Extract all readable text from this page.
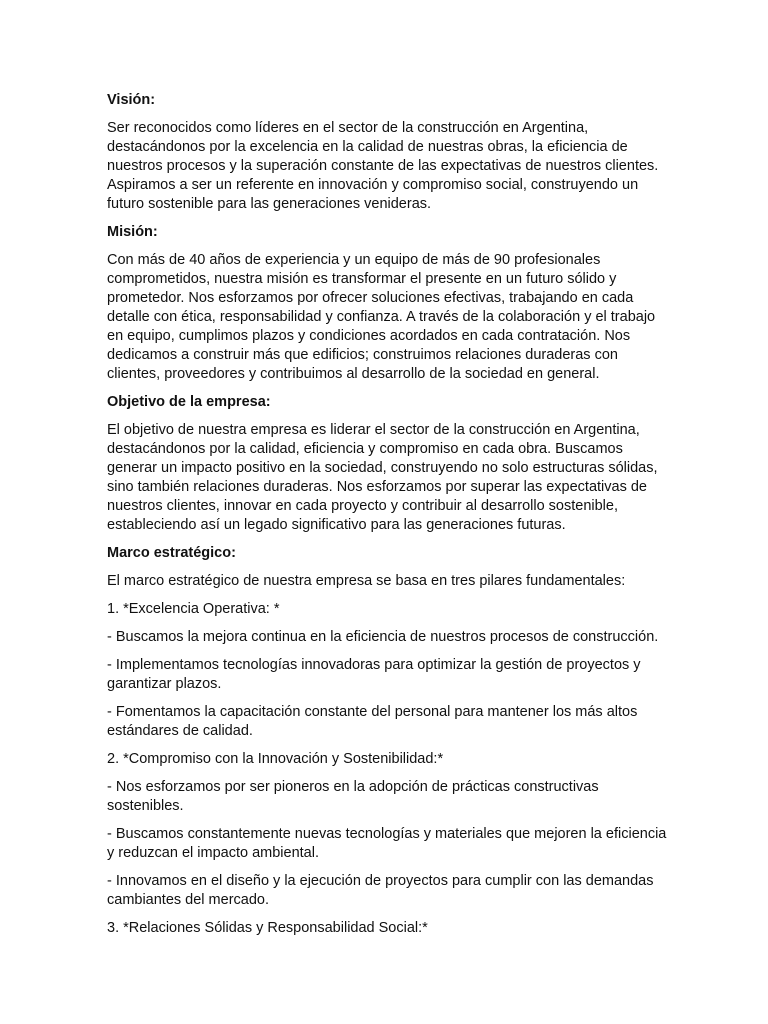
Visión:
Ser reconocidos como líderes en el sector de la construcción en Argentina, destacándonos por la excelencia en la calidad de nuestras obras, la eficiencia de nuestros procesos y la superación constante de las expectativas de nuestros clientes. Aspiramos a ser un referente en innovación y compromiso social, construyendo un futuro sostenible para las generaciones venideras.
Misión:
Con más de 40 años de experiencia y un equipo de más de 90 profesionales comprometidos, nuestra misión es transformar el presente en un futuro sólido y prometedor. Nos esforzamos por ofrecer soluciones efectivas, trabajando en cada detalle con ética, responsabilidad y confianza. A través de la colaboración y el trabajo en equipo, cumplimos plazos y condiciones acordados en cada contratación. Nos dedicamos a construir más que edificios; construimos relaciones duraderas con clientes, proveedores y contribuimos al desarrollo de la sociedad en general.
Objetivo de la empresa:
El objetivo de nuestra empresa es liderar el sector de la construcción en Argentina, destacándonos por la calidad, eficiencia y compromiso en cada obra. Buscamos generar un impacto positivo en la sociedad, construyendo no solo estructuras sólidas, sino también relaciones duraderas. Nos esforzamos por superar las expectativas de nuestros clientes, innovar en cada proyecto y contribuir al desarrollo sostenible, estableciendo así un legado significativo para las generaciones futuras.
Marco estratégico:
El marco estratégico de nuestra empresa se basa en tres pilares fundamentales:
1. *Excelencia Operativa: *
- Buscamos la mejora continua en la eficiencia de nuestros procesos de construcción.
- Implementamos tecnologías innovadoras para optimizar la gestión de proyectos y garantizar plazos.
- Fomentamos la capacitación constante del personal para mantener los más altos estándares de calidad.
2. *Compromiso con la Innovación y Sostenibilidad:*
- Nos esforzamos por ser pioneros en la adopción de prácticas constructivas sostenibles.
- Buscamos constantemente nuevas tecnologías y materiales que mejoren la eficiencia y reduzcan el impacto ambiental.
- Innovamos en el diseño y la ejecución de proyectos para cumplir con las demandas cambiantes del mercado.
3. *Relaciones Sólidas y Responsabilidad Social:*
